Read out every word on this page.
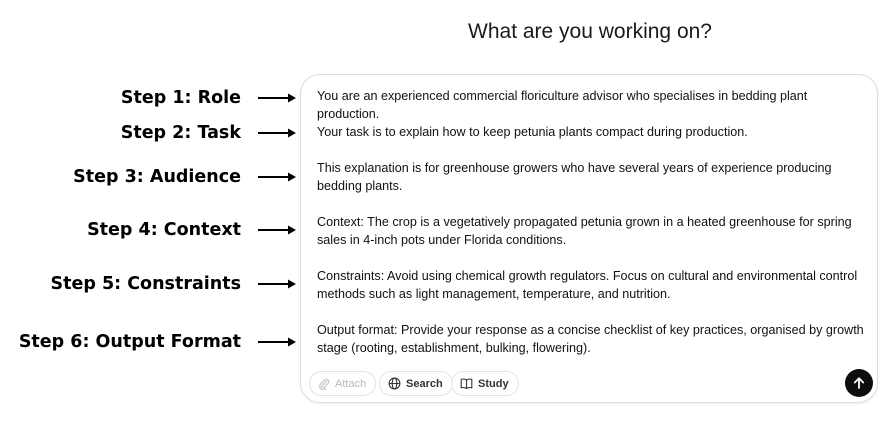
What are you working on?
Step 1: Role
Step 2: Task
Step 3: Audience
Step 4: Context
Step 5: Constraints
Step 6: Output Format
You are an experienced commercial floriculture advisor who specialises in bedding plant production.
Your task is to explain how to keep petunia plants compact during production.
This explanation is for greenhouse growers who have several years of experience producing bedding plants.
Context: The crop is a vegetatively propagated petunia grown in a heated greenhouse for spring sales in 4-inch pots under Florida conditions.
Constraints: Avoid using chemical growth regulators. Focus on cultural and environmental control methods such as light management, temperature, and nutrition.
Output format: Provide your response as a concise checklist of key practices, organised by growth stage (rooting, establishment, bulking, flowering).
Attach	Search	Study
